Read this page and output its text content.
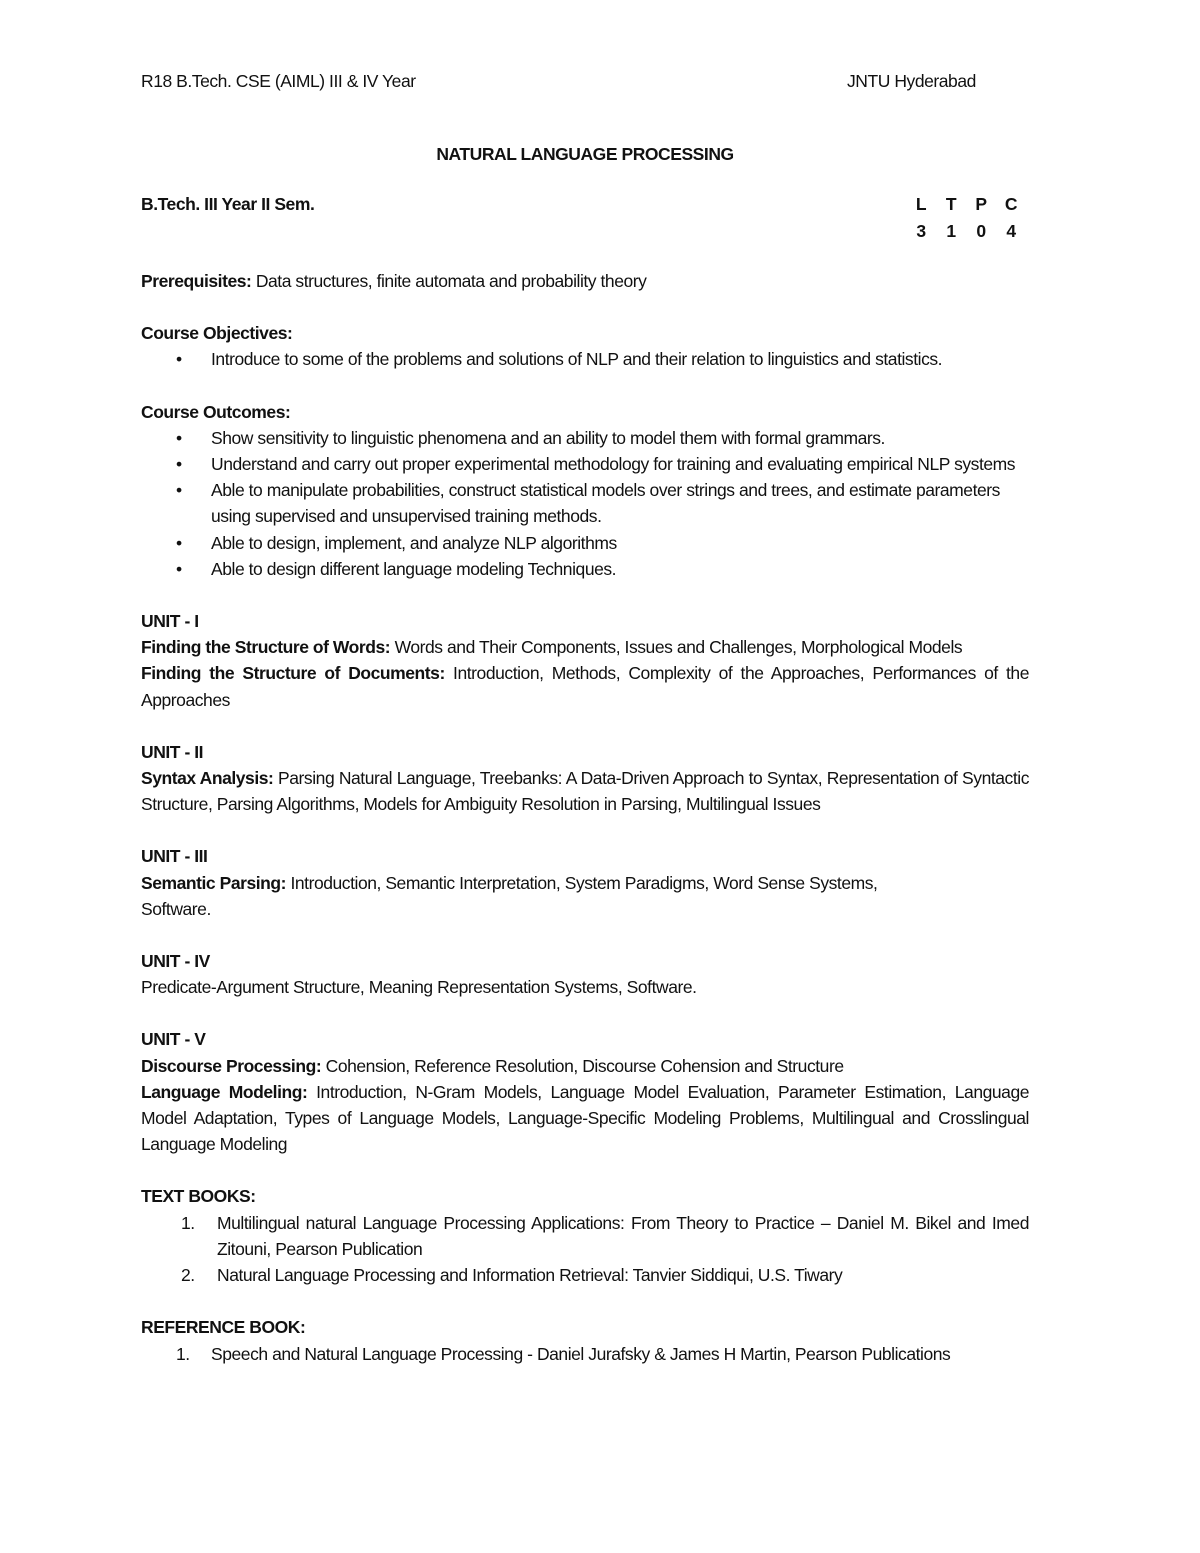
R18 B.Tech. CSE (AIML) III & IV Year	JNTU Hyderabad
NATURAL LANGUAGE PROCESSING
B.Tech. III Year II Sem.	L	T	P	C
3	1	0	4

Prerequisites: Data structures, finite automata and probability theory

Course Objectives:
• Introduce to some of the problems and solutions of NLP and their relation to linguistics and statistics.
Course Outcomes:
• Show sensitivity to linguistic phenomena and an ability to model them with formal grammars.
• Understand and carry out proper experimental methodology for training and evaluating empirical NLP systems
• Able to manipulate probabilities, construct statistical models over strings and trees, and estimate parameters using supervised and unsupervised training methods.
• Able to design, implement, and analyze NLP algorithms
• Able to design different language modeling Techniques.
UNIT - I

Finding the Structure of Words: Words and Their Components, Issues and Challenges, Morphological Models

Finding the Structure of Documents: Introduction, Methods, Complexity of the Approaches, Performances of the Approaches

UNIT - II

Syntax Analysis: Parsing Natural Language, Treebanks: A Data-Driven Approach to Syntax, Representation of Syntactic Structure, Parsing Algorithms, Models for Ambiguity Resolution in Parsing, Multilingual Issues

UNIT - III

Semantic Parsing: Introduction, Semantic Interpretation, System Paradigms, Word Sense Systems, Software.

UNIT - IV

Predicate-Argument Structure, Meaning Representation Systems, Software.

UNIT - V

Discourse Processing: Cohension, Reference Resolution, Discourse Cohension and Structure

Language Modeling: Introduction, N-Gram Models, Language Model Evaluation, Parameter Estimation, Language Model Adaptation, Types of Language Models, Language-Specific Modeling Problems, Multilingual and Crosslingual Language Modeling

TEXT BOOKS:
1. Multilingual natural Language Processing Applications: From Theory to Practice – Daniel M. Bikel and Imed Zitouni, Pearson Publication
2. Natural Language Processing and Information Retrieval: Tanvier Siddiqui, U.S. Tiwary
REFERENCE BOOK:
1. Speech and Natural Language Processing - Daniel Jurafsky & James H Martin, Pearson Publications
